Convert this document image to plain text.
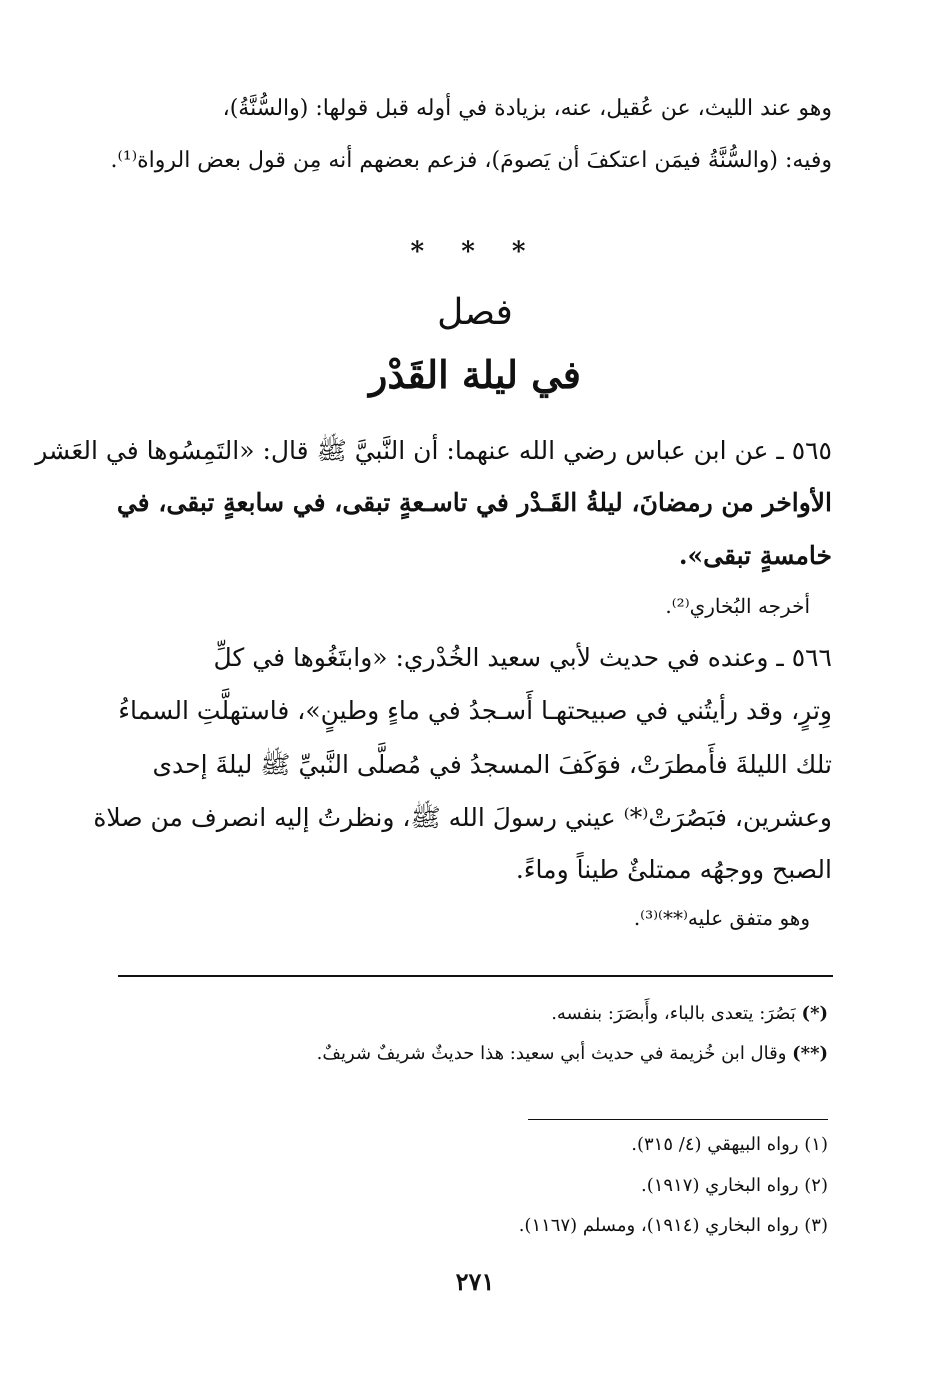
وهو عند الليث، عن عُقيل، عنه، بزيادة في أوله قبل قولها: (والسُّنَّةُ)،
وفيه: (والسُّنَّةُ فيمَن اعتكفَ أن يَصومَ)، فزعم بعضهم أنه مِن قول بعض الرواة⁽¹⁾.
* * *
فصل
في ليلة القَدْر
٥٦٥ ـ عن ابن عباس رضي الله عنهما: أن النَّبيَّ ﷺ قال: «التَمِسُوها في العَشر
الأواخر من رمضانَ، ليلةُ القَـدْر في تاسـعةٍ تبقى، في سابعةٍ تبقى، في
خامسةٍ تبقى».
أخرجه البُخاري⁽²⁾.
٥٦٦ ـ وعنده في حديث لأبي سعيد الخُدْري: «وابتَغُوها في كلِّ
وِترٍ، وقد رأيتُني في صبيحتهـا أَسـجدُ في ماءٍ وطينٍ»، فاستهلَّتِ السماءُ
تلك الليلةَ فأَمطرَتْ، فوَكَفَ المسجدُ في مُصلَّى النَّبيِّ ﷺ ليلةَ إحدى
وعشرين، فبَصُرَتْ⁽*⁾ عيني رسولَ الله ﷺ، ونظرتُ إليه انصرف من صلاة
الصبح ووجهُه ممتلئٌ طيناً وماءً.
وهو متفق عليه⁽**⁾⁽³⁾.
(*) بَصُرَ: يتعدى بالباء، وأَبصَرَ: بنفسه.
(**) وقال ابن خُزيمة في حديث أبي سعيد: هذا حديثٌ شريفٌ شريفٌ.
(١) رواه البيهقي (٤/ ٣١٥).
(٢) رواه البخاري (١٩١٧).
(٣) رواه البخاري (١٩١٤)، ومسلم (١١٦٧).
٢٧١
